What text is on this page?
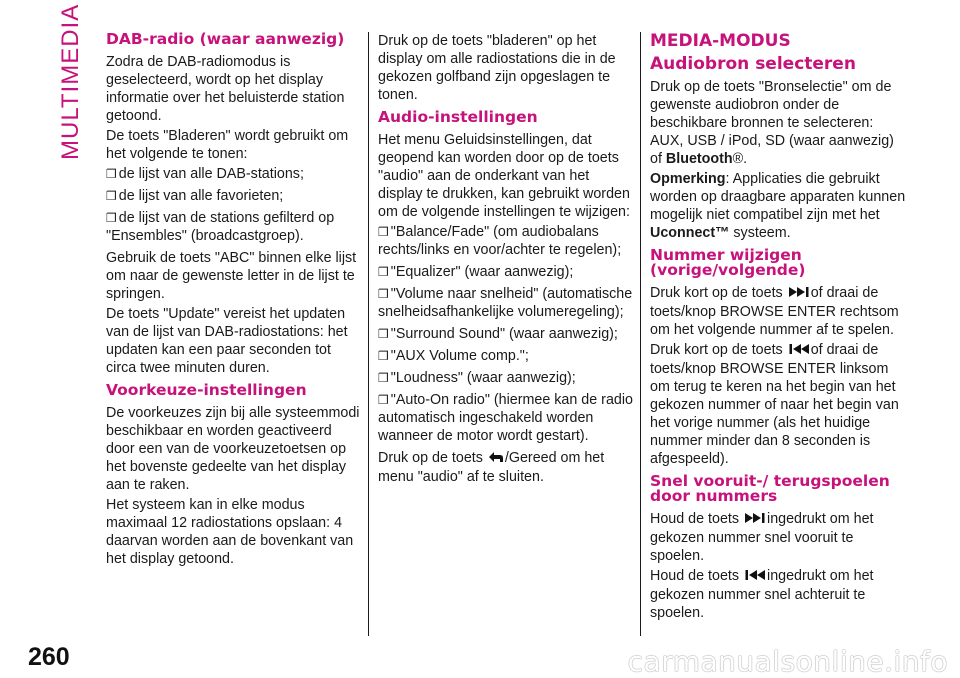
MULTIMEDIA
260	carmanualsonline.info
DAB-radio (waar aanwezig)

Zodra de DAB-radiomodus is geselecteerd, wordt op het display informatie over het beluisterde station getoond.

De toets "Bladeren" wordt gebruikt om het volgende te tonen:

❒ de lijst van alle DAB-stations;
❒ de lijst van alle favorieten;
❒ de lijst van de stations gefilterd op "Ensembles" (broadcastgroep).

Gebruik de toets "ABC" binnen elke lijst om naar de gewenste letter in de lijst te springen.

De toets "Update" vereist het updaten van de lijst van DAB-radiostations: het updaten kan een paar seconden tot circa twee minuten duren.

Voorkeuze-instellingen

De voorkeuzes zijn bij alle systeemmodi beschikbaar en worden geactiveerd door een van de voorkeuzetoetsen op het bovenste gedeelte van het display aan te raken.

Het systeem kan in elke modus maximaal 12 radiostations opslaan: 4 daarvan worden aan de bovenkant van het display getoond.

Druk op de toets "bladeren" op het display om alle radiostations die in de gekozen golfband zijn opgeslagen te tonen.

Audio-instellingen

Het menu Geluidsinstellingen, dat geopend kan worden door op de toets "audio" aan de onderkant van het display te drukken, kan gebruikt worden om de volgende instellingen te wijzigen:

❒ "Balance/Fade" (om audiobalans rechts/links en voor/achter te regelen);
❒ "Equalizer" (waar aanwezig);
❒ "Volume naar snelheid" (automatische snelheidsafhankelijke volumeregeling);
❒ "Surround Sound" (waar aanwezig);
❒ "AUX Volume comp.";
❒ "Loudness" (waar aanwezig);
❒ "Auto-On radio" (hiermee kan de radio automatisch ingeschakeld worden wanneer de motor wordt gestart).

Druk op de toets /Gereed om het menu "audio" af te sluiten.

MEDIA-MODUS
Audiobron selecteren

Druk op de toets "Bronselectie" om de gewenste audiobron onder de beschikbare bronnen te selecteren: AUX, USB / iPod, SD (waar aanwezig) of Bluetooth®.

Opmerking: Applicaties die gebruikt worden op draagbare apparaten kunnen mogelijk niet compatibel zijn met het Uconnect™ systeem.

Nummer wijzigen (vorige/volgende)

Druk kort op de toets of draai de toets/knop BROWSE ENTER rechtsom om het volgende nummer af te spelen.

Druk kort op de toets of draai de toets/knop BROWSE ENTER linksom om terug te keren na het begin van het gekozen nummer of naar het begin van het vorige nummer (als het huidige nummer minder dan 8 seconden is afgespeeld).

Snel vooruit-/ terugspoelen door nummers

Houd de toets ingedrukt om het gekozen nummer snel vooruit te spoelen.

Houd de toets ingedrukt om het gekozen nummer snel achteruit te spoelen.
